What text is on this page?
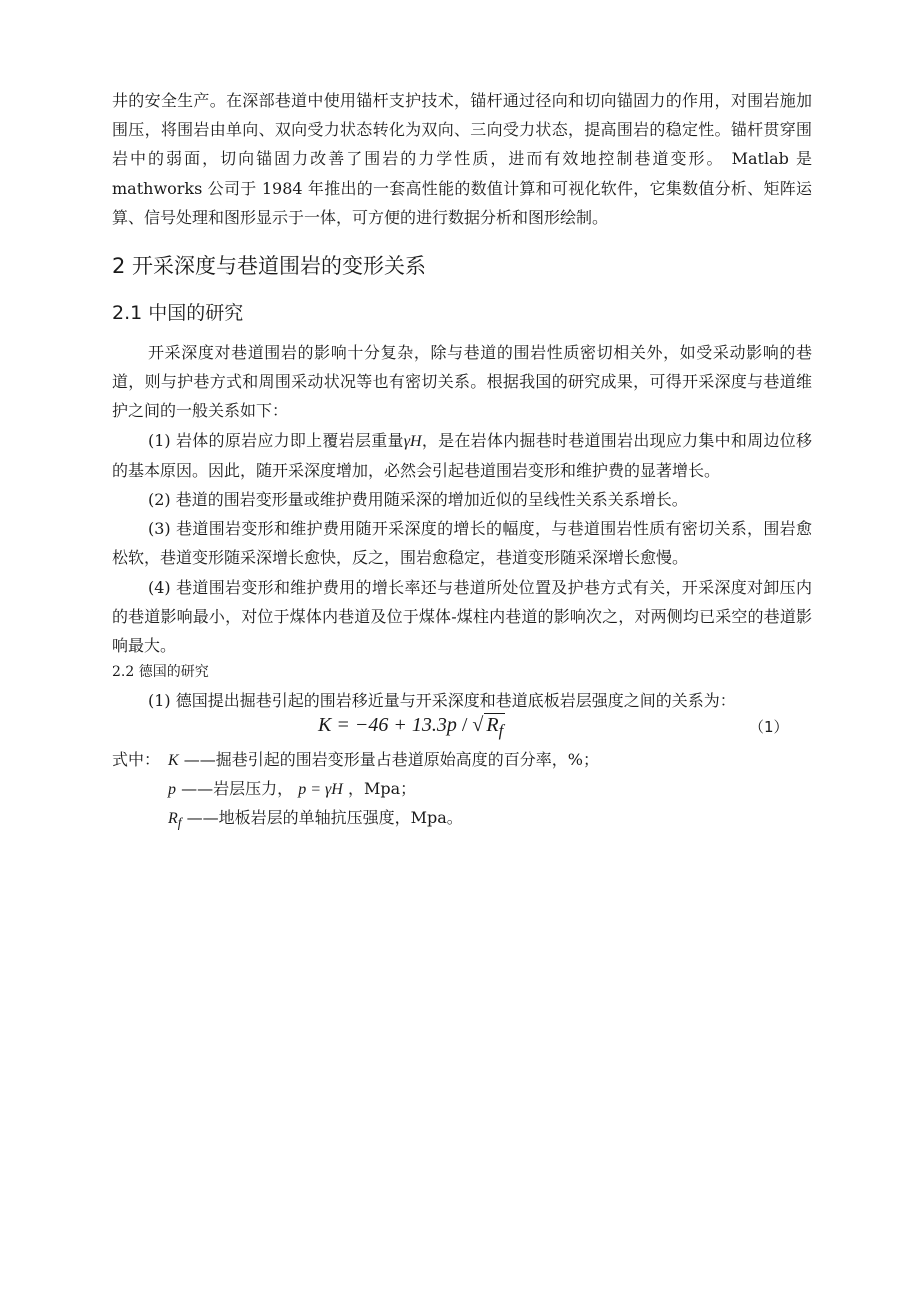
井的安全生产。在深部巷道中使用锚杆支护技术，锚杆通过径向和切向锚固力的作用，对围岩施加围压，将围岩由单向、双向受力状态转化为双向、三向受力状态，提高围岩的稳定性。锚杆贯穿围岩中的弱面，切向锚固力改善了围岩的力学性质，进而有效地控制巷道变形。 Matlab 是 mathworks 公司于 1984 年推出的一套高性能的数值计算和可视化软件，它集数值分析、矩阵运算、信号处理和图形显示于一体，可方便的进行数据分析和图形绘制。

2 开采深度与巷道围岩的变形关系
2.1 中国的研究

开采深度对巷道围岩的影响十分复杂，除与巷道的围岩性质密切相关外，如受采动影响的巷道，则与护巷方式和周围采动状况等也有密切关系。根据我国的研究成果，可得开采深度与巷道维护之间的一般关系如下：

(1) 岩体的原岩应力即上覆岩层重量γH，是在岩体内掘巷时巷道围岩出现应力集中和周边位移的基本原因。因此，随开采深度增加，必然会引起巷道围岩变形和维护费的显著增长。

(2) 巷道的围岩变形量或维护费用随采深的增加近似的呈线性关系关系增长。

(3) 巷道围岩变形和维护费用随开采深度的增长的幅度，与巷道围岩性质有密切关系，围岩愈松软，巷道变形随采深增长愈快，反之，围岩愈稳定，巷道变形随采深增长愈慢。

(4) 巷道围岩变形和维护费用的增长率还与巷道所处位置及护巷方式有关，开采深度对卸压内的巷道影响最小，对位于煤体内巷道及位于煤体-煤柱内巷道的影响次之，对两侧均已采空的巷道影响最大。

2.2 德国的研究

(1) 德国提出掘巷引起的围岩移近量与开采深度和巷道底板岩层强度之间的关系为：

K = −46 + 13.3p / √ $R_f$	（1）
式中： K ——掘巷引起的围岩变形量占巷道原始高度的百分率，%；
p ——岩层压力， p = γH ，Mpa；
$R_f$ ——地板岩层的单轴抗压强度，Mpa。
